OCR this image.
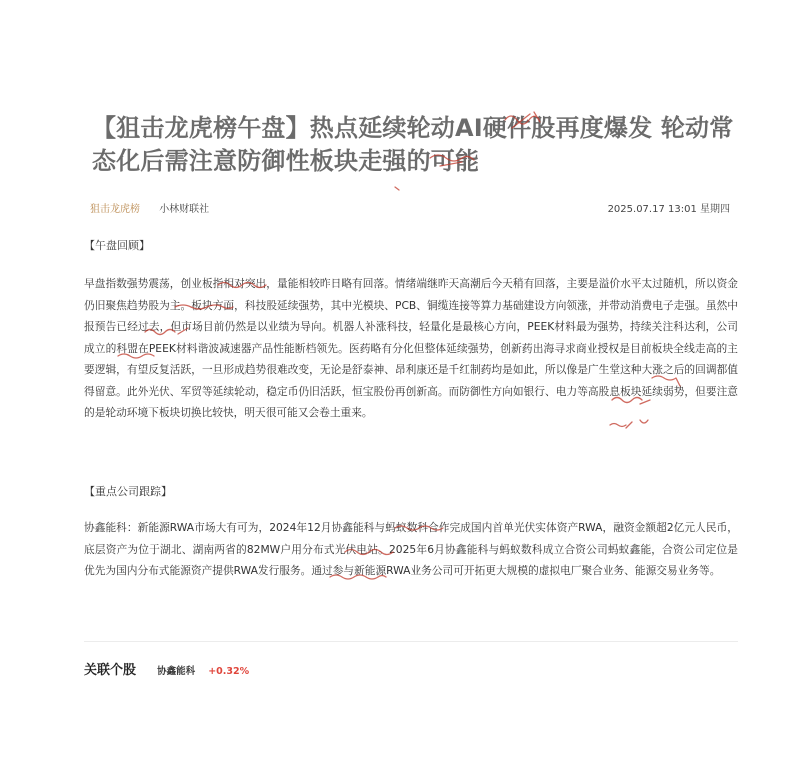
【狙击龙虎榜午盘】热点延续轮动AI硬件股再度爆发 轮动常态化后需注意防御性板块走强的可能
狙击龙虎榜 小林财联社	2025.07.17 13:01 星期四
【午盘回顾】

早盘指数强势震荡，创业板指相对突出，量能相较昨日略有回落。情绪端继昨天高潮后今天稍有回落，主要是溢价水平太过随机，所以资金仍旧聚焦趋势股为主。板块方面，科技股延续强势，其中光模块、PCB、铜缆连接等算力基础建设方向领涨，并带动消费电子走强。虽然中报预告已经过去，但市场目前仍然是以业绩为导向。机器人补涨科技，轻量化是最核心方向，PEEK材料最为强势，持续关注科达利，公司成立的科盟在PEEK材料谐波减速器产品性能断档领先。医药略有分化但整体延续强势，创新药出海寻求商业授权是目前板块全线走高的主要逻辑，有望反复活跃，一旦形成趋势很难改变，无论是舒泰神、昂利康还是千红制药均是如此，所以像是广生堂这种大涨之后的回调都值得留意。此外光伏、军贸等延续轮动，稳定币仍旧活跃，恒宝股份再创新高。而防御性方向如银行、电力等高股息板块延续弱势，但要注意的是轮动环境下板块切换比较快，明天很可能又会卷土重来。

【重点公司跟踪】

协鑫能科：新能源RWA市场大有可为，2024年12月协鑫能科与蚂蚁数科合作完成国内首单光伏实体资产RWA，融资金额超2亿元人民币，底层资产为位于湖北、湖南两省的82MW户用分布式光伏电站。2025年6月协鑫能科与蚂蚁数科成立合资公司蚂蚁鑫能，合资公司定位是优先为国内分布式能源资产提供RWA发行服务。通过参与新能源RWA业务公司可开拓更大规模的虚拟电厂聚合业务、能源交易业务等。

关联个股 协鑫能科 +0.32%
